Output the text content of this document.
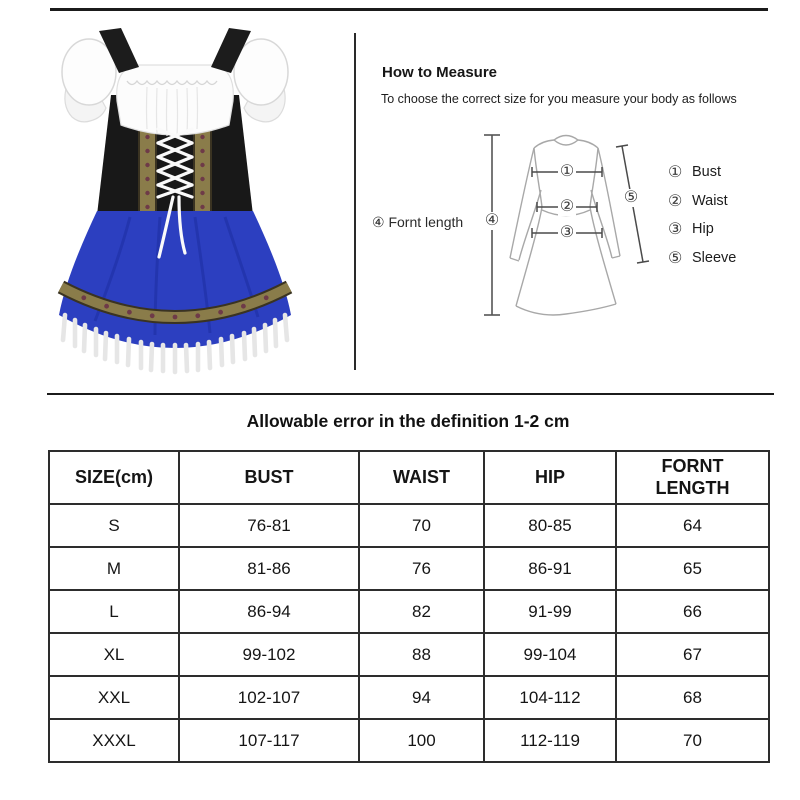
How to Measure
To choose the correct size for you measure your body as follows
①
②
③
④
⑤
④ Fornt length
① Bust
② Waist
③ Hip
⑤ Sleeve
Allowable error in the definition 1-2 cm
SIZE(cm)	BUST	WAIST	HIP	FORNT LENGTH
S	76-81	70	80-85	64
M	81-86	76	86-91	65
L	86-94	82	91-99	66
XL	99-102	88	99-104	67
XXL	102-107	94	104-112	68
XXXL	107-117	100	112-119	70
